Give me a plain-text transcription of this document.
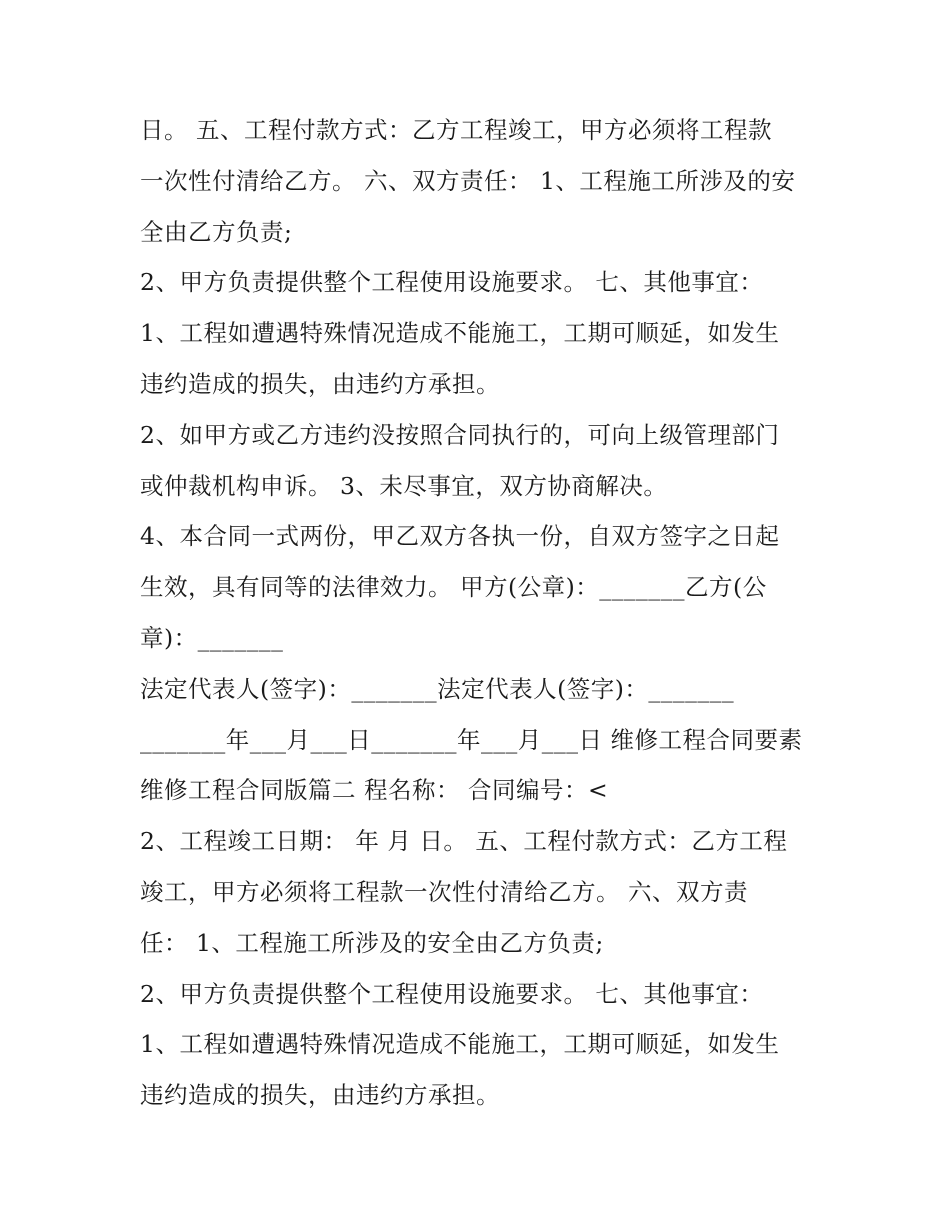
日。 五、工程付款方式：乙方工程竣工，甲方必须将工程款
一次性付清给乙方。 六、双方责任： 1、工程施工所涉及的安
全由乙方负责;
2、甲方负责提供整个工程使用设施要求。 七、其他事宜：
1、工程如遭遇特殊情况造成不能施工，工期可顺延，如发生
违约造成的损失，由违约方承担。
2、如甲方或乙方违约没按照合同执行的，可向上级管理部门
或仲裁机构申诉。 3、未尽事宜，双方协商解决。
4、本合同一式两份，甲乙双方各执一份，自双方签字之日起
生效，具有同等的法律效力。 甲方(公章)：_______乙方(公
章)：_______
法定代表人(签字)：_______法定代表人(签字)：_______
_______年___月___日_______年___月___日 维修工程合同要素
维修工程合同版篇二 程名称： 合同编号：<
2、工程竣工日期： 年 月 日。 五、工程付款方式：乙方工程
竣工，甲方必须将工程款一次性付清给乙方。 六、双方责
任： 1、工程施工所涉及的安全由乙方负责;
2、甲方负责提供整个工程使用设施要求。 七、其他事宜：
1、工程如遭遇特殊情况造成不能施工，工期可顺延，如发生
违约造成的损失，由违约方承担。
